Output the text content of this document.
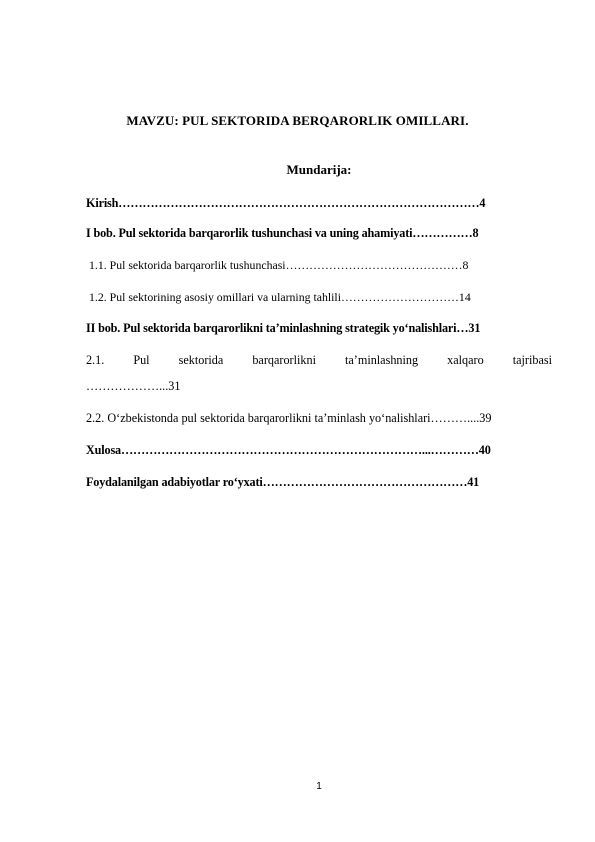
MAVZU: PUL SEKTORIDA BERQARORLIK OMILLARI.
Mundarija:
Kirish………………………………………………………………………………4
I bob. Pul sektorida barqarorlik tushunchasi va uning ahamiyati……………8
1.1. Pul sektorida barqarorlik tushunchasi………………………………………8
1.2. Pul sektorining asosiy omillari va ularning tahlili…………………………14
II bob. Pul sektorida barqarorlikni ta’minlashning strategik yo‘nalishlari…31
2.1. Pul sektorida barqarorlikni ta’minlashning xalqaro tajribasi
………………...31
2.2. O‘zbekistonda pul sektorida barqarorlikni ta’minlash yo‘nalishlari………....39
Xulosa…………………………………………………………………...…………40
Foydalanilgan adabiyotlar ro‘yxati……………………………………………41
1
